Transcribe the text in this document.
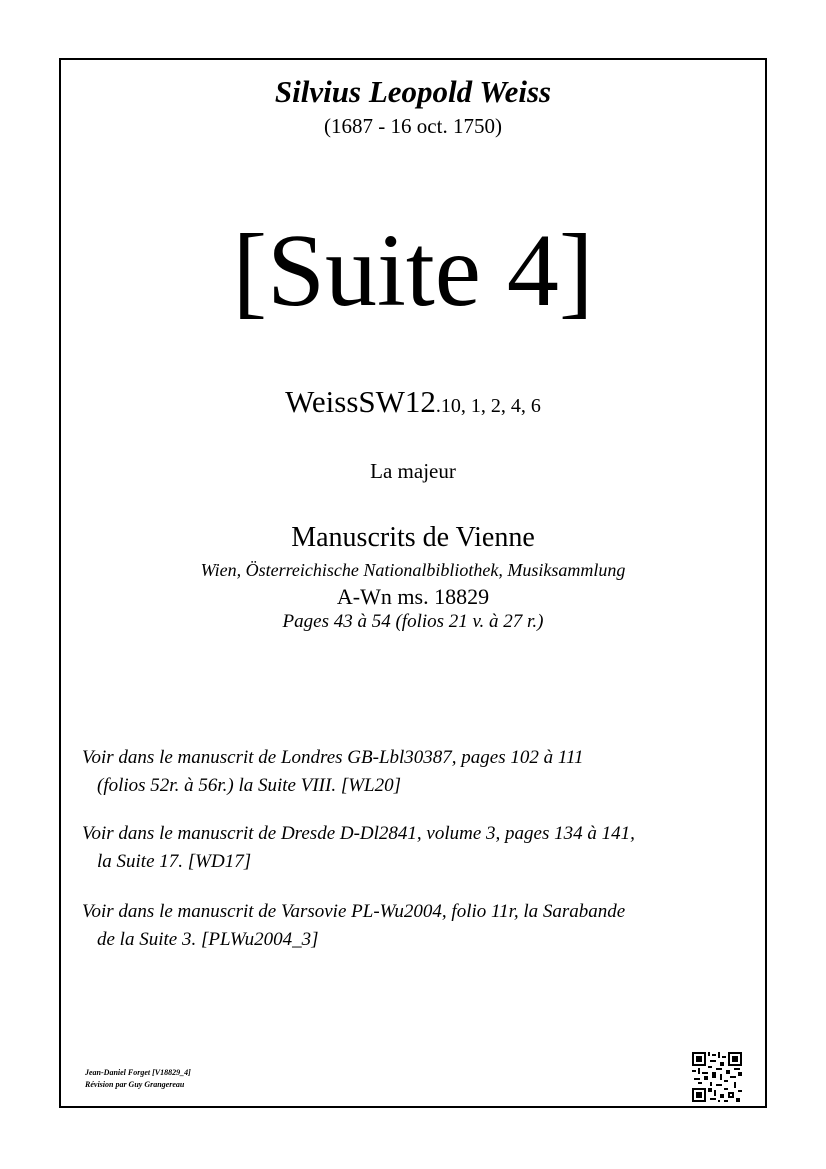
Silvius Leopold Weiss
(1687 - 16 oct. 1750)
[Suite 4]
WeissSW12.10, 1, 2, 4, 6
La majeur
Manuscrits de Vienne
Wien, Österreichische Nationalbibliothek, Musiksammlung
A-Wn ms. 18829
Pages 43 à 54 (folios 21 v. à 27 r.)
Voir dans le manuscrit de Londres GB-Lbl30387, pages 102 à 111
(folios 52r. à 56r.) la Suite VIII. [WL20]
Voir dans le manuscrit de Dresde D-Dl2841, volume 3, pages 134 à 141,
la Suite 17. [WD17]
Voir dans le manuscrit de Varsovie PL-Wu2004, folio 11r, la Sarabande
de la Suite 3. [PLWu2004_3]
Jean-Daniel Forget [V18829_4]
Révision par Guy Grangereau
